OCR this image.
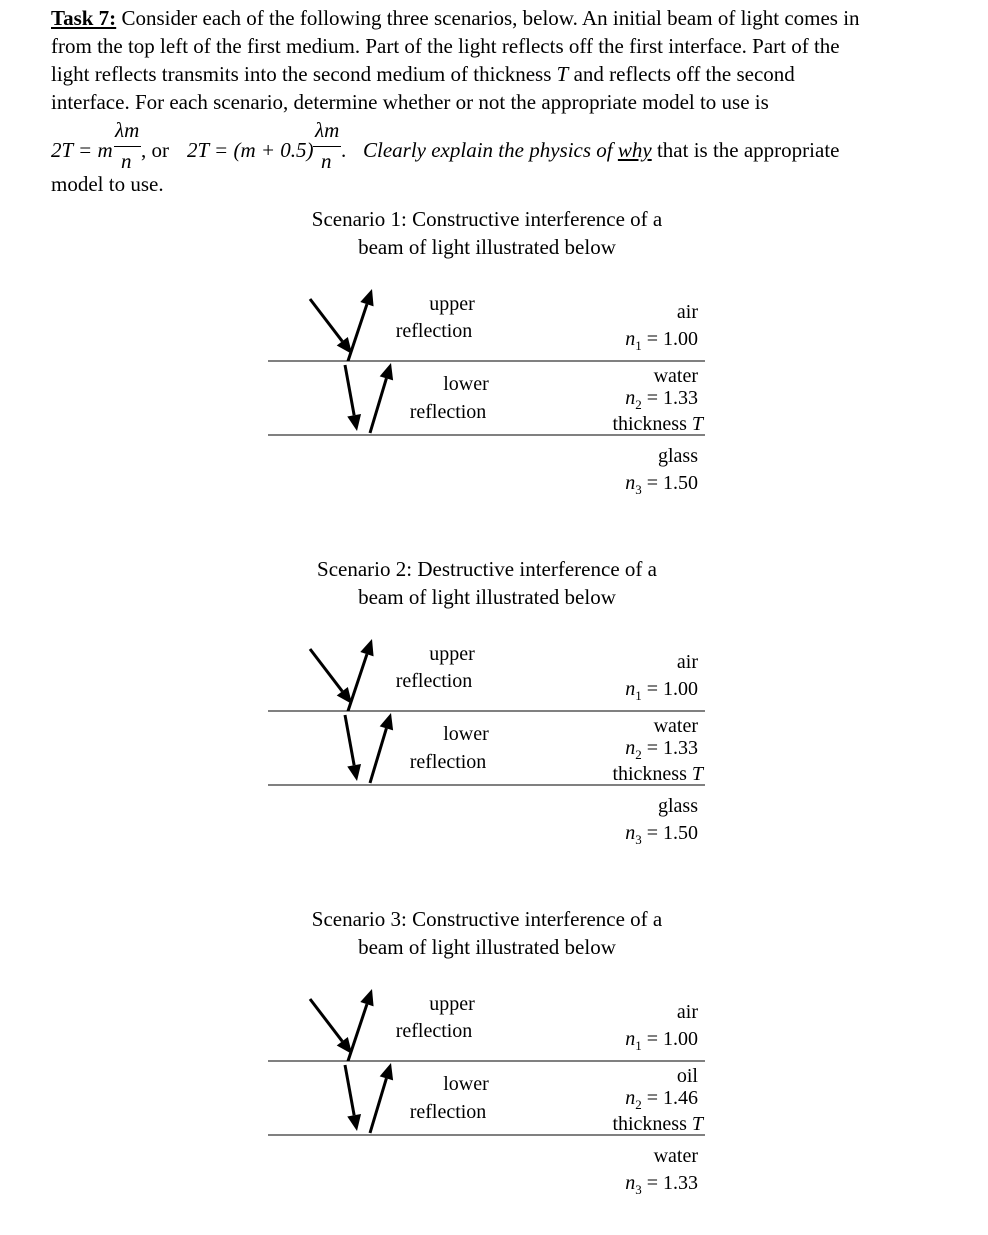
Task 7: Consider each of the following three scenarios, below. An initial beam of light comes in
from the top left of the first medium. Part of the light reflects off the first interface. Part of the
light reflects transmits into the second medium of thickness T and reflects off the second
interface. For each scenario, determine whether or not the appropriate model to use is
2T = m
λm
n , or 2T = (m + 0.5)
λm
n . Clearly explain the physics of why that is the appropriate
model to use.
Scenario 1: Constructive interference of a
beam of light illustrated below
upper
reflection
lower
reflection
air
$n_1 = 1.00$
water
$n_2 = 1.33$
thickness T
glass
$n_3 = 1.50$
Scenario 2: Destructive interference of a
beam of light illustrated below
upper
reflection
lower
reflection
air
$n_1 = 1.00$
water
$n_2 = 1.33$
thickness T
glass
$n_3 = 1.50$
Scenario 3: Constructive interference of a
beam of light illustrated below
upper
reflection
lower
reflection
air
$n_1 = 1.00$
oil
$n_2 = 1.46$
thickness T
water
$n_3 = 1.33$
